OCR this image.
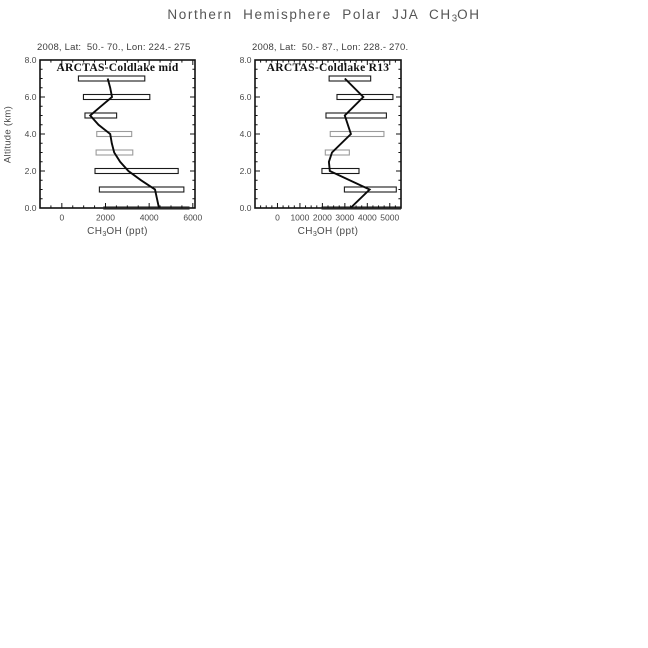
Northern Hemisphere Polar JJA $CH_3OH$
0	2000	4000	6000
0.0
2.0
4.0
6.0
8.0
0 1000 2000 3000 4000 5000
0.0
2.0
4.0
6.0
8.0
2008, Lat:  50.- 70., Lon: 224.- 275	2008, Lat:  50.- 87., Lon: 228.- 270.
ARCTAS-Coldlake mid	ARCTAS-Coldlake R13
$CH_3OH$ (ppt)	$CH_3OH$ (ppt)
Altitude (km)
